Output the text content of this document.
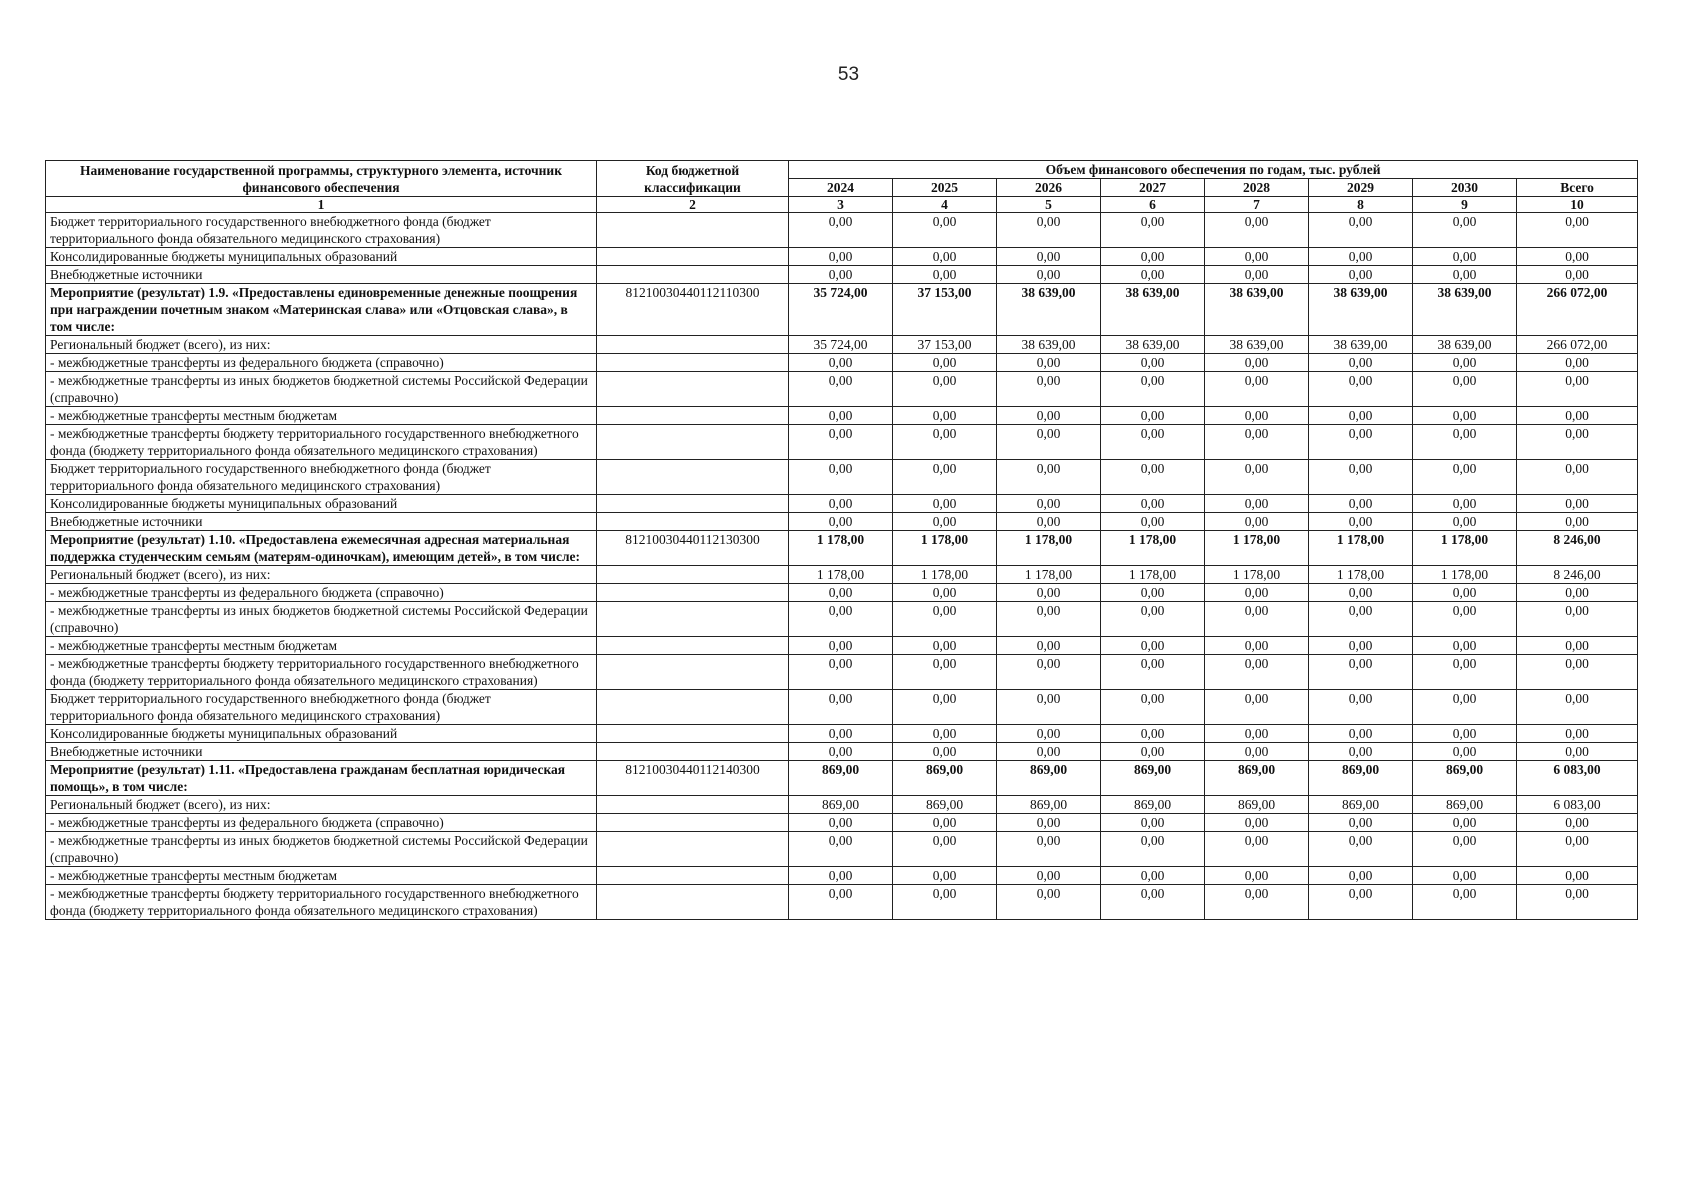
53
Наименование государственной программы, структурного элемента, источник финансового обеспечения	Код бюджетной классификации	Объем финансового обеспечения по годам, тыс. рублей							
		2024	2025	2026	2027	2028	2029	2030	Всего
1	2	3	4	5	6	7	8	9	10
Бюджет территориального государственного внебюджетного фонда (бюджет территориального фонда обязательного медицинского страхования)		0,00	0,00	0,00	0,00	0,00	0,00	0,00	0,00
Консолидированные бюджеты муниципальных образований		0,00	0,00	0,00	0,00	0,00	0,00	0,00	0,00
Внебюджетные источники		0,00	0,00	0,00	0,00	0,00	0,00	0,00	0,00
Мероприятие (результат) 1.9. «Предоставлены единовременные денежные поощрения при награждении почетным знаком «Материнская слава» или «Отцовская слава», в том числе:	81210030440112110300	35 724,00	37 153,00	38 639,00	38 639,00	38 639,00	38 639,00	38 639,00	266 072,00
Региональный бюджет (всего), из них:		35 724,00	37 153,00	38 639,00	38 639,00	38 639,00	38 639,00	38 639,00	266 072,00
- межбюджетные трансферты из федерального бюджета (справочно)		0,00	0,00	0,00	0,00	0,00	0,00	0,00	0,00
- межбюджетные трансферты из иных бюджетов бюджетной системы Российской Федерации (справочно)		0,00	0,00	0,00	0,00	0,00	0,00	0,00	0,00
- межбюджетные трансферты местным бюджетам		0,00	0,00	0,00	0,00	0,00	0,00	0,00	0,00
- межбюджетные трансферты бюджету территориального государственного внебюджетного фонда (бюджету территориального фонда обязательного медицинского страхования)		0,00	0,00	0,00	0,00	0,00	0,00	0,00	0,00
Бюджет территориального государственного внебюджетного фонда (бюджет территориального фонда обязательного медицинского страхования)		0,00	0,00	0,00	0,00	0,00	0,00	0,00	0,00
Консолидированные бюджеты муниципальных образований		0,00	0,00	0,00	0,00	0,00	0,00	0,00	0,00
Внебюджетные источники		0,00	0,00	0,00	0,00	0,00	0,00	0,00	0,00
Мероприятие (результат) 1.10. «Предоставлена ежемесячная адресная материальная поддержка студенческим семьям (матерям-одиночкам), имеющим детей», в том числе:	81210030440112130300	1 178,00	1 178,00	1 178,00	1 178,00	1 178,00	1 178,00	1 178,00	8 246,00
Региональный бюджет (всего), из них:		1 178,00	1 178,00	1 178,00	1 178,00	1 178,00	1 178,00	1 178,00	8 246,00
- межбюджетные трансферты из федерального бюджета (справочно)		0,00	0,00	0,00	0,00	0,00	0,00	0,00	0,00
- межбюджетные трансферты из иных бюджетов бюджетной системы Российской Федерации (справочно)		0,00	0,00	0,00	0,00	0,00	0,00	0,00	0,00
- межбюджетные трансферты местным бюджетам		0,00	0,00	0,00	0,00	0,00	0,00	0,00	0,00
- межбюджетные трансферты бюджету территориального государственного внебюджетного фонда (бюджету территориального фонда обязательного медицинского страхования)		0,00	0,00	0,00	0,00	0,00	0,00	0,00	0,00
Бюджет территориального государственного внебюджетного фонда (бюджет территориального фонда обязательного медицинского страхования)		0,00	0,00	0,00	0,00	0,00	0,00	0,00	0,00
Консолидированные бюджеты муниципальных образований		0,00	0,00	0,00	0,00	0,00	0,00	0,00	0,00
Внебюджетные источники		0,00	0,00	0,00	0,00	0,00	0,00	0,00	0,00
Мероприятие (результат) 1.11. «Предоставлена гражданам бесплатная юридическая помощь», в том числе:	81210030440112140300	869,00	869,00	869,00	869,00	869,00	869,00	869,00	6 083,00
Региональный бюджет (всего), из них:		869,00	869,00	869,00	869,00	869,00	869,00	869,00	6 083,00
- межбюджетные трансферты из федерального бюджета (справочно)		0,00	0,00	0,00	0,00	0,00	0,00	0,00	0,00
- межбюджетные трансферты из иных бюджетов бюджетной системы Российской Федерации (справочно)		0,00	0,00	0,00	0,00	0,00	0,00	0,00	0,00
- межбюджетные трансферты местным бюджетам		0,00	0,00	0,00	0,00	0,00	0,00	0,00	0,00
- межбюджетные трансферты бюджету территориального государственного внебюджетного фонда (бюджету территориального фонда обязательного медицинского страхования)		0,00	0,00	0,00	0,00	0,00	0,00	0,00	0,00
